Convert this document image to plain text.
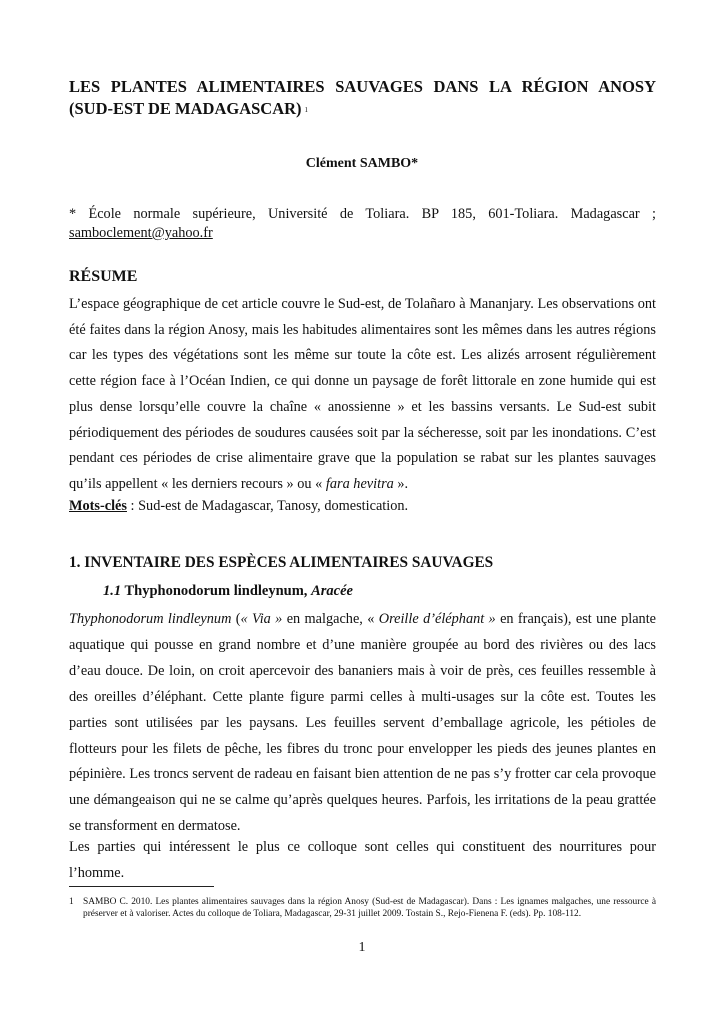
LES PLANTES ALIMENTAIRES SAUVAGES DANS LA RÉGION ANOSY (SUD-EST DE MADAGASCAR) $^1$

Clément SAMBO*

* École normale supérieure, Université de Toliara. BP 185, 601-Toliara. Madagascar ; samboclement@yahoo.fr

RÉSUME

L’espace géographique de cet article couvre le Sud-est, de Tolañaro à Mananjary. Les observations ont été faites dans la région Anosy, mais les habitudes alimentaires sont les mêmes dans les autres régions car les types des végétations sont les même sur toute la côte est. Les alizés arrosent régulièrement cette région face à l’Océan Indien, ce qui donne un paysage de forêt littorale en zone humide qui est plus dense lorsqu’elle couvre la chaîne « anossienne » et les bassins versants. Le Sud-est subit périodiquement des périodes de soudures causées soit par la sécheresse, soit par les inondations. C’est pendant ces périodes de crise alimentaire grave que la population se rabat sur les plantes sauvages qu’ils appellent « les derniers recours » ou « fara hevitra ».

Mots-clés : Sud-est de Madagascar, Tanosy, domestication.

1. INVENTAIRE DES ESPÈCES ALIMENTAIRES SAUVAGES
1.1 Thyphonodorum lindleynum, Aracée

Thyphonodorum lindleynum (« Via » en malgache, « Oreille d’éléphant » en français), est une plante aquatique qui pousse en grand nombre et d’une manière groupée au bord des rivières ou des lacs d’eau douce. De loin, on croit apercevoir des bananiers mais à voir de près, ces feuilles ressemble à des oreilles d’éléphant. Cette plante figure parmi celles à multi-usages sur la côte est. Toutes les parties sont utilisées par les paysans. Les feuilles servent d’emballage agricole, les pétioles de flotteurs pour les filets de pêche, les fibres du tronc pour envelopper les pieds des jeunes plantes en pépinière. Les troncs servent de radeau en faisant bien attention de ne pas s’y frotter car cela provoque une démangeaison qui ne se calme qu’après quelques heures. Parfois, les irritations de la peau grattée se transforment en dermatose.

Les parties qui intéressent le plus ce colloque sont celles qui constituent des nourritures pour l’homme.

1 SAMBO C. 2010. Les plantes alimentaires sauvages dans la région Anosy (Sud-est de Madagascar). Dans : Les ignames malgaches, une ressource à préserver et à valoriser. Actes du colloque de Toliara, Madagascar, 29-31 juillet 2009. Tostain S., Rejo-Fienena F. (eds). Pp. 108-112.

1
